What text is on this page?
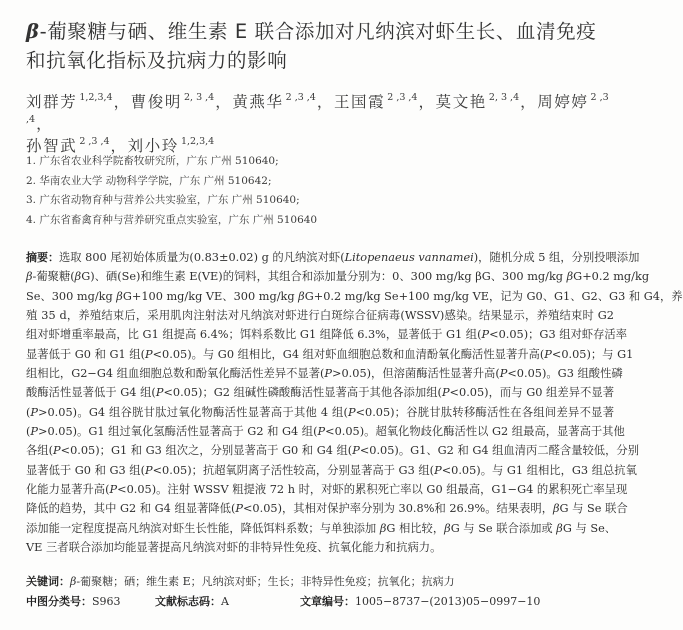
β-葡聚糖与硒、维生素 E 联合添加对凡纳滨对虾生长、血清免疫
和抗氧化指标及抗病力的影响
刘群芳 $^{1,2,3,4}$，曹俊明 $^{2, 3 ,4}$，黄燕华 $^{2 ,3 ,4}$，王国霞 $^{2 ,3 ,4}$，莫文艳 $^{2, 3 ,4}$，周婷婷 $^{2 ,3 ,4}$，
孙智武 $^{2 ,3 ,4}$，刘小玲 $^{1,2,3,4}$
1. 广东省农业科学院畜牧研究所，广东 广州 510640;
2. 华南农业大学 动物科学学院，广东 广州 510642;
3. 广东省动物育种与营养公共实验室，广东 广州 510640;
4. 广东省畜禽育种与营养研究重点实验室，广东 广州 510640
摘要：选取 800 尾初始体质量为(0.83±0.02) g 的凡纳滨对虾(Litopenaeus vannamei)，随机分成 5 组，分别投喂添加
β-葡聚糖(βG)、硒(Se)和维生素 E(VE)的饲料，其组合和添加量分别为：0、300 mg/kg βG、300 mg/kg βG+0.2 mg/kg
Se、300 mg/kg βG+100 mg/kg VE、300 mg/kg βG+0.2 mg/kg Se+100 mg/kg VE，记为 G0、G1、G2、G3 和 G4，养
殖 35 d，养殖结束后，采用肌肉注射法对凡纳滨对虾进行白斑综合征病毒(WSSV)感染。结果显示，养殖结束时 G2
组对虾增重率最高，比 G1 组提高 6.4%；饵料系数比 G1 组降低 6.3%，显著低于 G1 组(P<0.05)；G3 组对虾存活率
显著低于 G0 和 G1 组(P<0.05)。与 G0 组相比，G4 组对虾血细胞总数和血清酚氧化酶活性显著升高(P<0.05)；与 G1
组相比，G2−G4 组血细胞总数和酚氧化酶活性差异不显著(P>0.05)，但溶菌酶活性显著升高(P<0.05)。G3 组酸性磷
酸酶活性显著低于 G4 组(P<0.05)；G2 组碱性磷酸酶活性显著高于其他各添加组(P<0.05)，而与 G0 组差异不显著
(P>0.05)。G4 组谷胱甘肽过氧化物酶活性显著高于其他 4 组(P<0.05)；谷胱甘肽转移酶活性在各组间差异不显著
(P>0.05)。G1 组过氧化氢酶活性显著高于 G2 和 G4 组(P<0.05)。超氧化物歧化酶活性以 G2 组最高，显著高于其他
各组(P<0.05)；G1 和 G3 组次之，分别显著高于 G0 和 G4 组(P<0.05)。G1、G2 和 G4 组血清丙二醛含量较低，分别
显著低于 G0 和 G3 组(P<0.05)；抗超氧阴离子活性较高，分别显著高于 G3 组(P<0.05)。与 G1 组相比，G3 组总抗氧
化能力显著升高(P<0.05)。注射 WSSV 粗提液 72 h 时，对虾的累积死亡率以 G0 组最高，G1−G4 的累积死亡率呈现
降低的趋势，其中 G2 和 G4 组显著降低(P<0.05)，其相对保护率分别为 30.8%和 26.9%。结果表明，βG 与 Se 联合
添加能一定程度提高凡纳滨对虾生长性能，降低饵料系数；与单独添加 βG 相比较，βG 与 Se 联合添加或 βG 与 Se、
VE 三者联合添加均能显著提高凡纳滨对虾的非特异性免疫、抗氧化能力和抗病力。
关键词：β-葡聚糖；硒；维生素 E；凡纳滨对虾；生长；非特异性免疫；抗氧化；抗病力
中图分类号：S963	文献标志码：A	文章编号：1005−8737−(2013)05−0997−10
